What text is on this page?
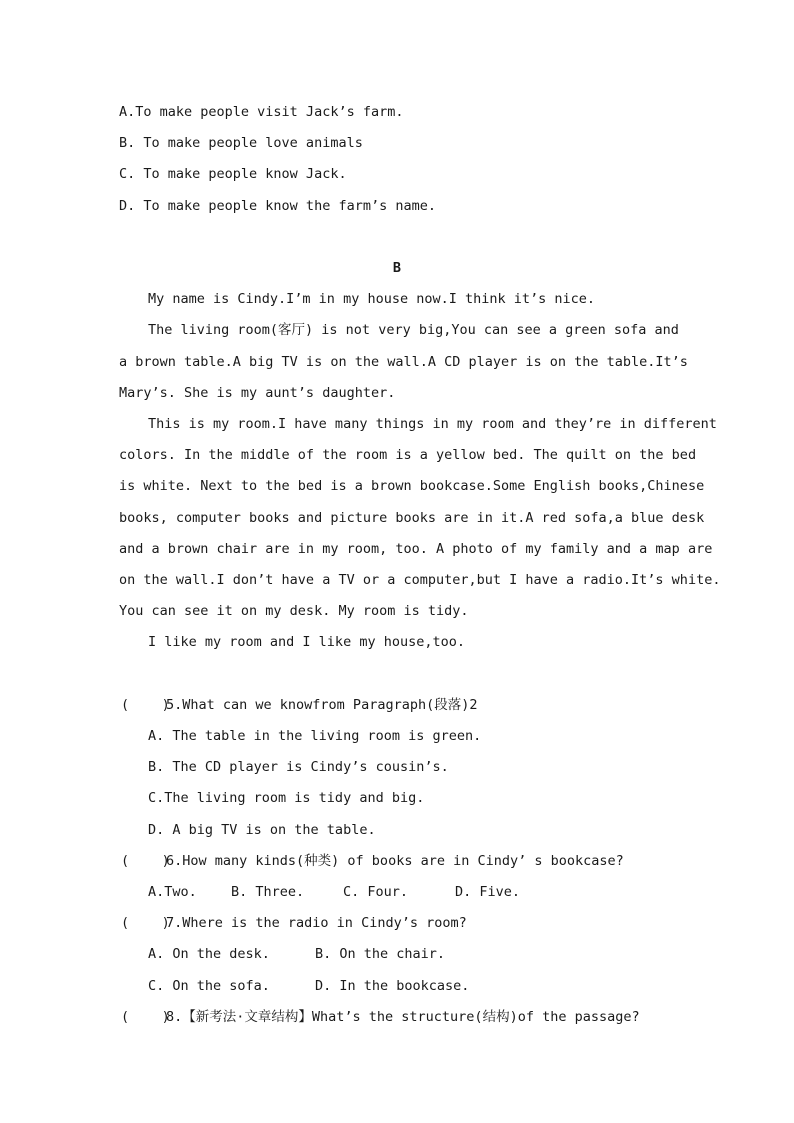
A.To make people visit Jack’s farm.
B. To make people love animals
C. To make people know Jack.
D. To make people know the farm’s name.
B
My name is Cindy.I’m in my house now.I think it’s nice.
The living room(客厅) is not very big,You can see a green sofa and
a brown table.A big TV is on the wall.A CD player is on the table.It’s
Mary’s. She is my aunt’s daughter.
This is my room.I have many things in my room and they’re in different
colors. In the middle of the room is a yellow bed. The quilt on the bed
is white. Next to the bed is a brown bookcase.Some English books,Chinese
books, computer books and picture books are in it.A red sofa,a blue desk
and a brown chair are in my room, too. A photo of my family and a map are
on the wall.I don’t have a TV or a computer,but I have a radio.It’s white.
You can see it on my desk. My room is tidy.
I like my room and I like my house,too.
(    )
5.What can we knowfrom Paragraph(段落)2
A. The table in the living room is green.
B. The CD player is Cindy’s cousin’s.
C.The living room is tidy and big.
D. A big TV is on the table.
(    )
6.How many kinds(种类) of books are in Cindy’ s bookcase?
A.Two.	B. Three.	C. Four.	D. Five.
(    )
7.Where is the radio in Cindy’s room?
A. On the desk.	B. On the chair.
C. On the sofa.	D. In the bookcase.
(    )
8.【新考法·文章结构】What’s the structure(结构)of the passage?
